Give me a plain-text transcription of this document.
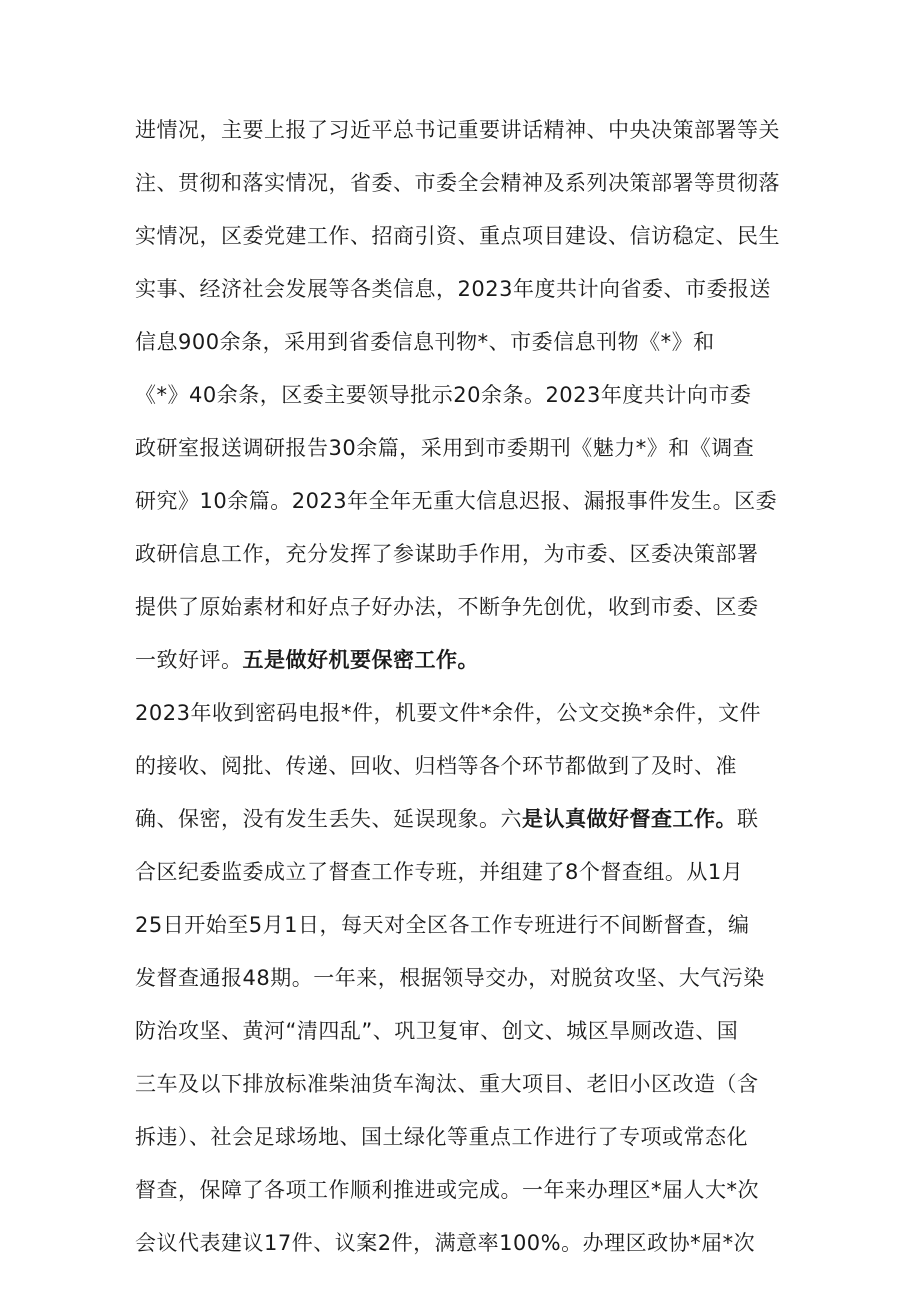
进情况，主要上报了习近平总书记重要讲话精神、中央决策部署等关
注、贯彻和落实情况，省委、市委全会精神及系列决策部署等贯彻落
实情况，区委党建工作、招商引资、重点项目建设、信访稳定、民生
实事、经济社会发展等各类信息，2023年度共计向省委、市委报送
信息900余条，采用到省委信息刊物*、市委信息刊物《*》和
《*》40余条，区委主要领导批示20余条。2023年度共计向市委
政研室报送调研报告30余篇，采用到市委期刊《魅力*》和《调查
研究》10余篇。2023年全年无重大信息迟报、漏报事件发生。区委
政研信息工作，充分发挥了参谋助手作用，为市委、区委决策部署
提供了原始素材和好点子好办法，不断争先创优，收到市委、区委
一致好评。五是做好机要保密工作。
2023年收到密码电报*件，机要文件*余件，公文交换*余件，文件
的接收、阅批、传递、回收、归档等各个环节都做到了及时、准
确、保密，没有发生丢失、延误现象。六是认真做好督查工作。联
合区纪委监委成立了督查工作专班，并组建了8个督查组。从1月
25日开始至5月1日，每天对全区各工作专班进行不间断督查，编
发督查通报48期。一年来，根据领导交办，对脱贫攻坚、大气污染
防治攻坚、黄河“清四乱”、巩卫复审、创文、城区旱厕改造、国
三车及以下排放标准柴油货车淘汰、重大项目、老旧小区改造（含
拆违）、社会足球场地、国土绿化等重点工作进行了专项或常态化
督查，保障了各项工作顺利推进或完成。一年来办理区*届人大*次
会议代表建议17件、议案2件，满意率100%。办理区政协*届*次
